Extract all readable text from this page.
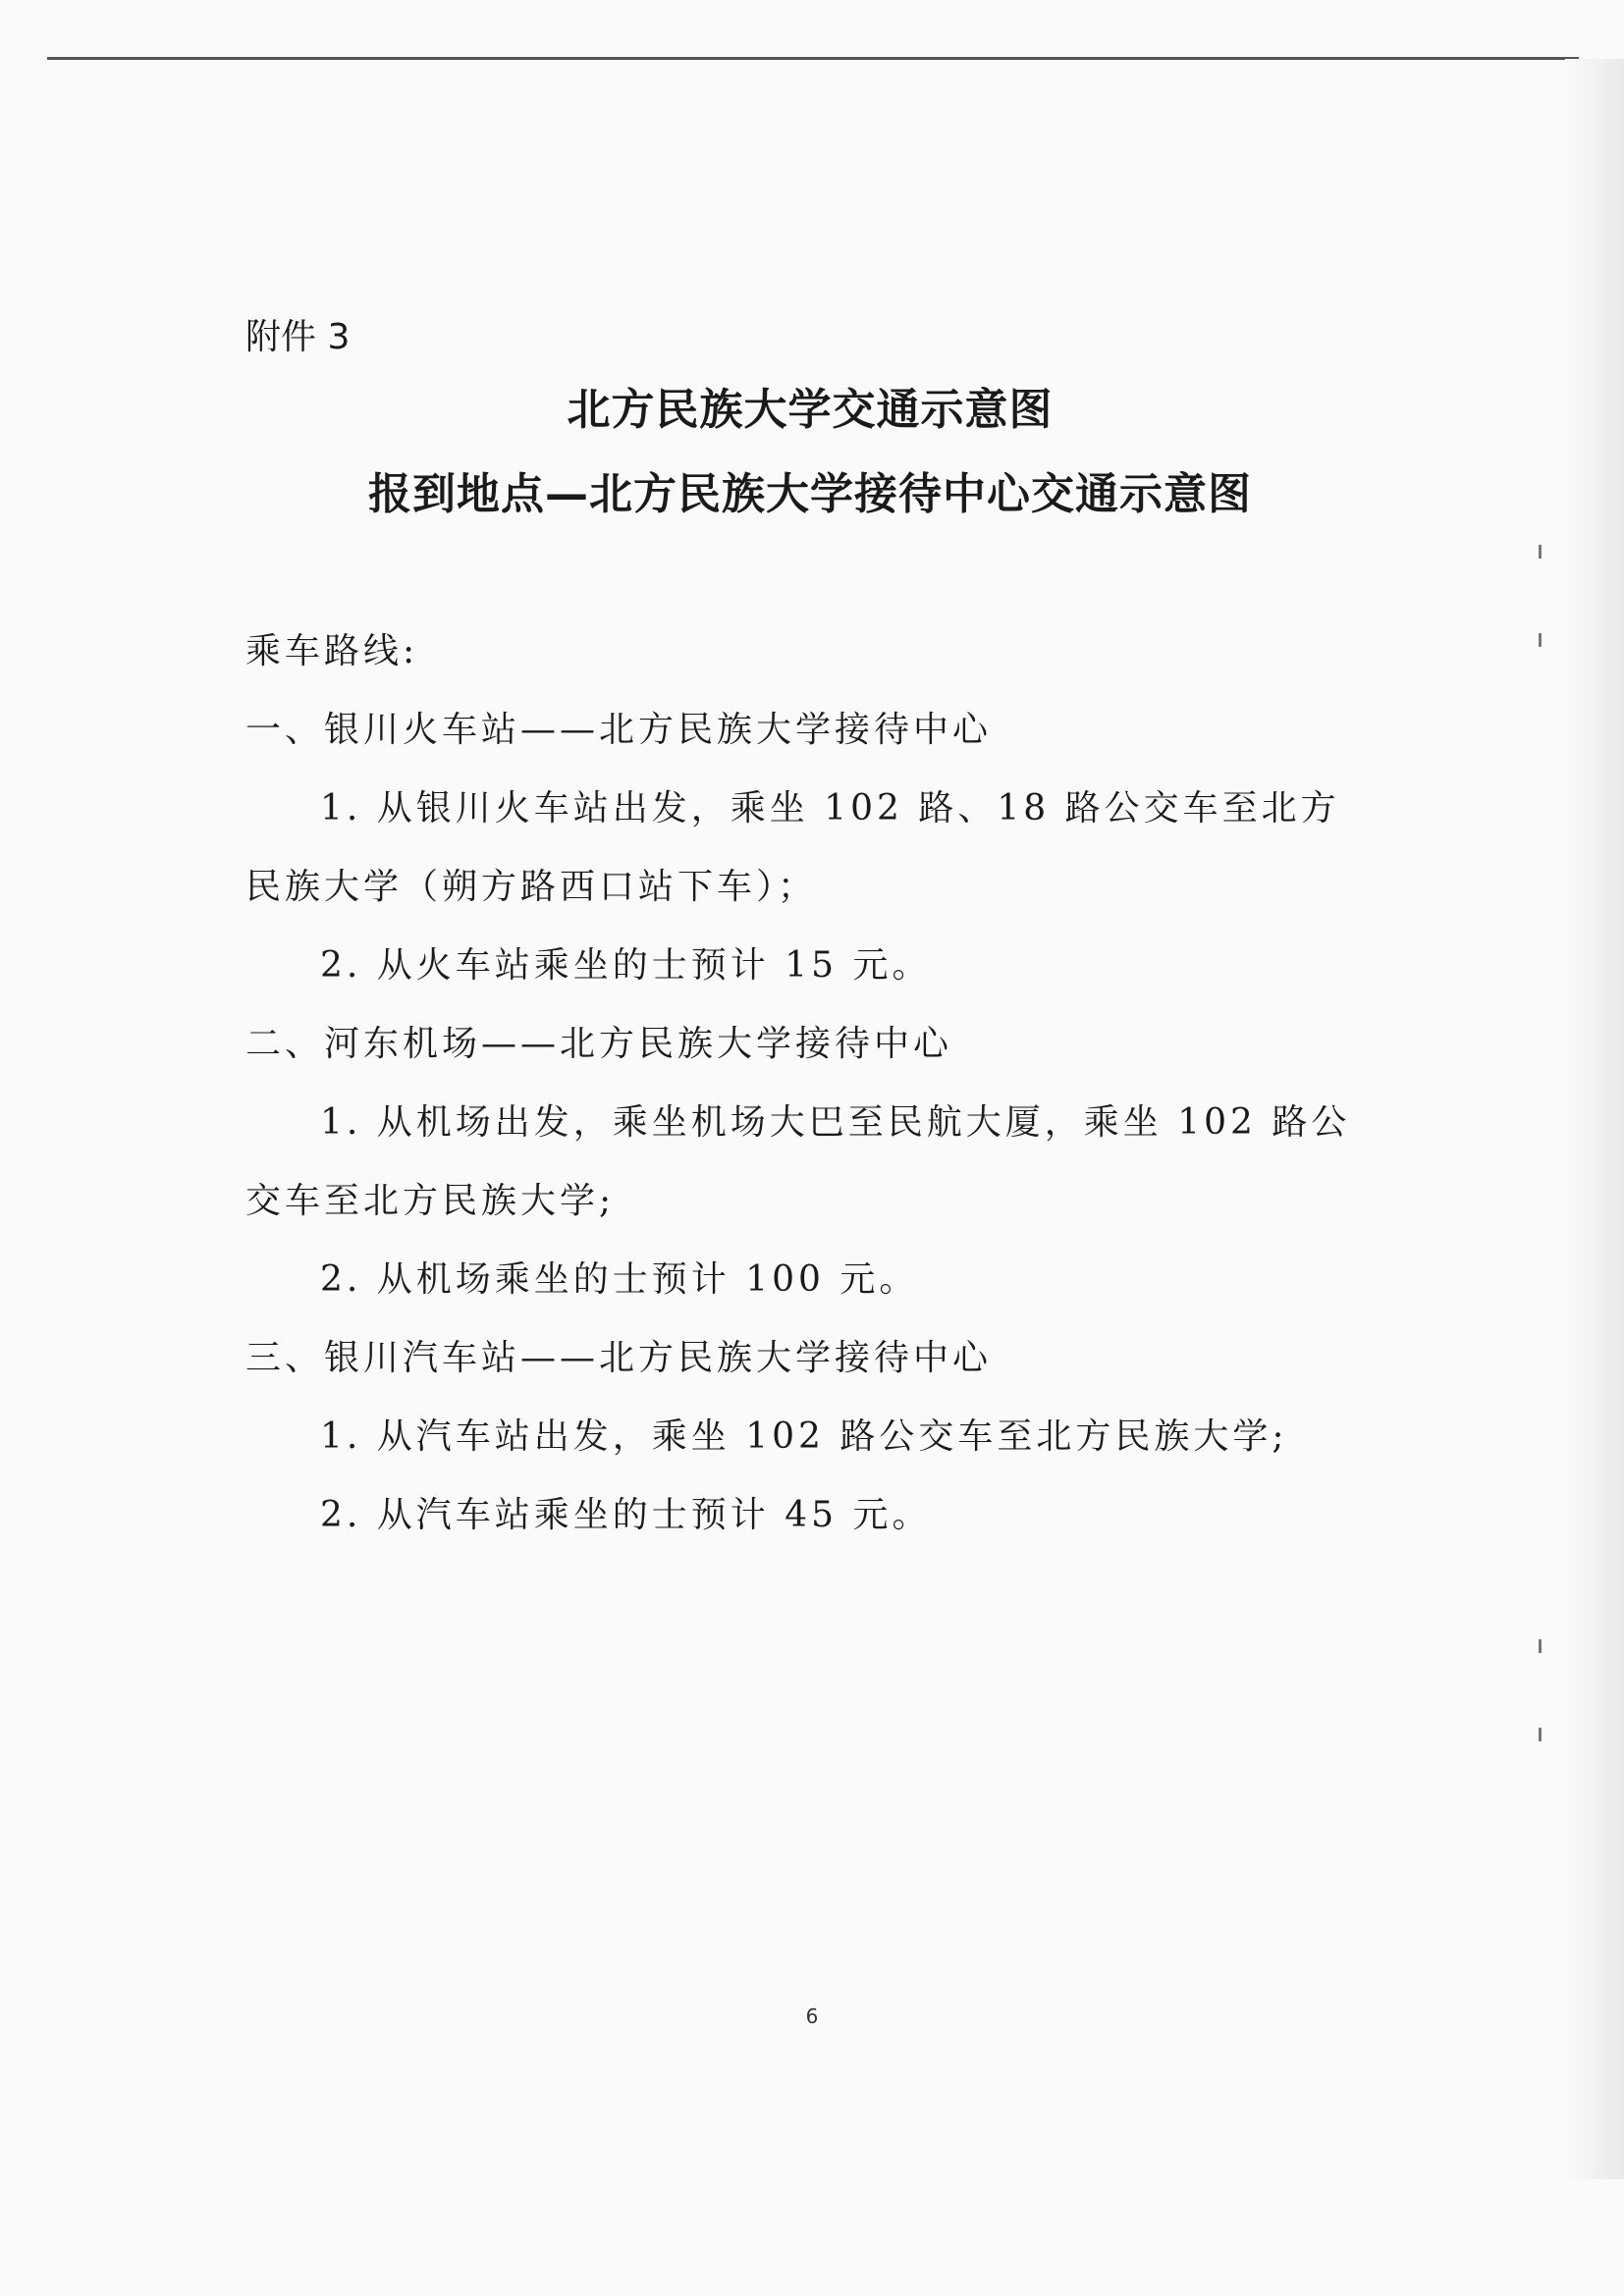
附件 3

北方民族大学交通示意图
报到地点—北方民族大学接待中心交通示意图

乘车路线:

一、银川火车站——北方民族大学接待中心

1. 从银川火车站出发，乘坐 102 路、18 路公交车至北方民族大学（朔方路西口站下车）；

2. 从火车站乘坐的士预计 15 元。

二、河东机场——北方民族大学接待中心

1. 从机场出发，乘坐机场大巴至民航大厦，乘坐 102 路公交车至北方民族大学;

2. 从机场乘坐的士预计 100 元。

三、银川汽车站——北方民族大学接待中心

1. 从汽车站出发，乘坐 102 路公交车至北方民族大学;

2. 从汽车站乘坐的士预计 45 元。

6
